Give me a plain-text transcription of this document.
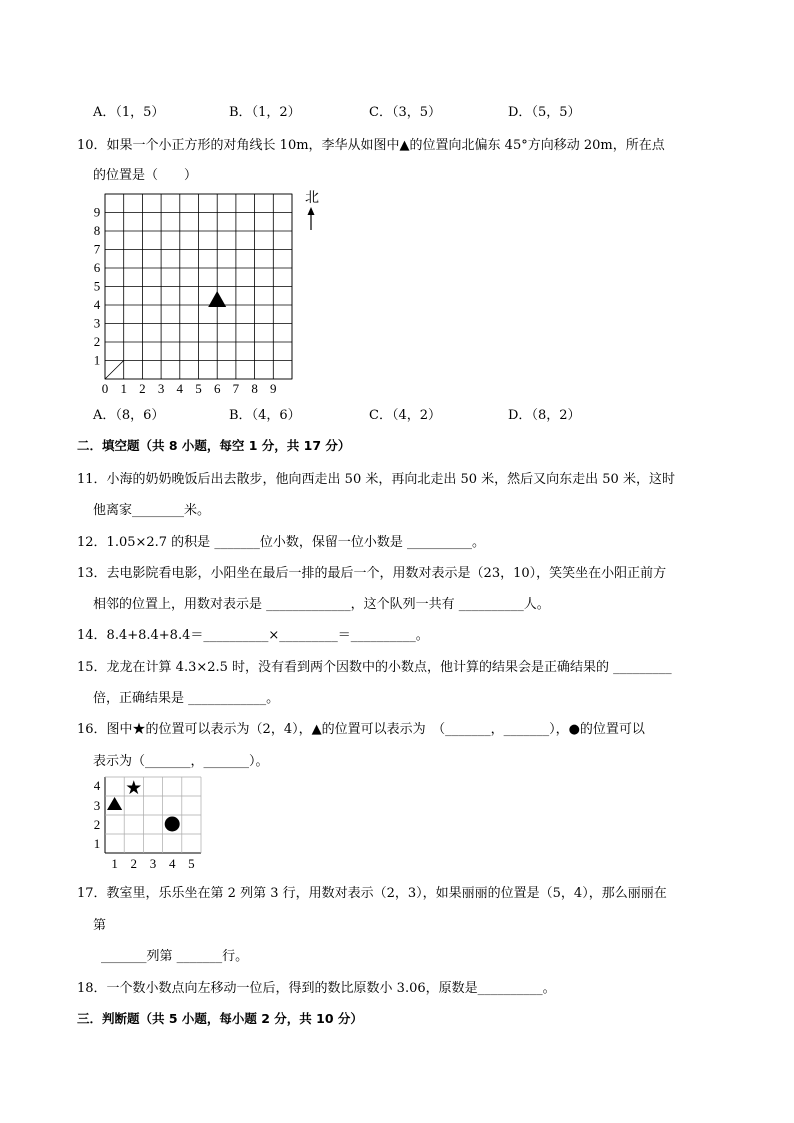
A．（1，5）	B．（1，2）	C．（3，5）	D．（5，5）
10．如果一个小正方形的对角线长 10m，李华从如图中▲的位置向北偏东 45°方向移动 20m，所在点
的位置是（　　）
0 1 2 3 4 5 6 7 8 9
1
2
3
4
5
6
7
8
9
北
A．（8，6）	B．（4，6）	C．（4，2）	D．（8，2）
二．填空题（共 8 小题，每空 1 分，共 17 分）
11．小海的奶奶晚饭后出去散步，他向西走出 50 米，再向北走出 50 米，然后又向东走出 50 米，这时
他离家________米。
12．1.05×2.7 的积是 _______位小数，保留一位小数是 __________。
13．去电影院看电影，小阳坐在最后一排的最后一个，用数对表示是（23，10），笑笑坐在小阳正前方
相邻的位置上，用数对表示是 _____________，这个队列一共有 __________人。
14．8.4+8.4+8.4＝__________×_________＝__________。
15．龙龙在计算 4.3×2.5 时，没有看到两个因数中的小数点，他计算的结果会是正确结果的 _________
倍，正确结果是 ____________。
16．图中★的位置可以表示为（2，4），▲的位置可以表示为　（_______，_______），●的位置可以
表示为（_______，_______）。
1 2 3 4 5
1
2
3
4 ★
17．教室里，乐乐坐在第 2 列第 3 行，用数对表示（2，3），如果丽丽的位置是（5，4），那么丽丽在
第
_______列第 _______行。
18．一个数小数点向左移动一位后，得到的数比原数小 3.06，原数是__________。
三．判断题（共 5 小题，每小题 2 分，共 10 分）
